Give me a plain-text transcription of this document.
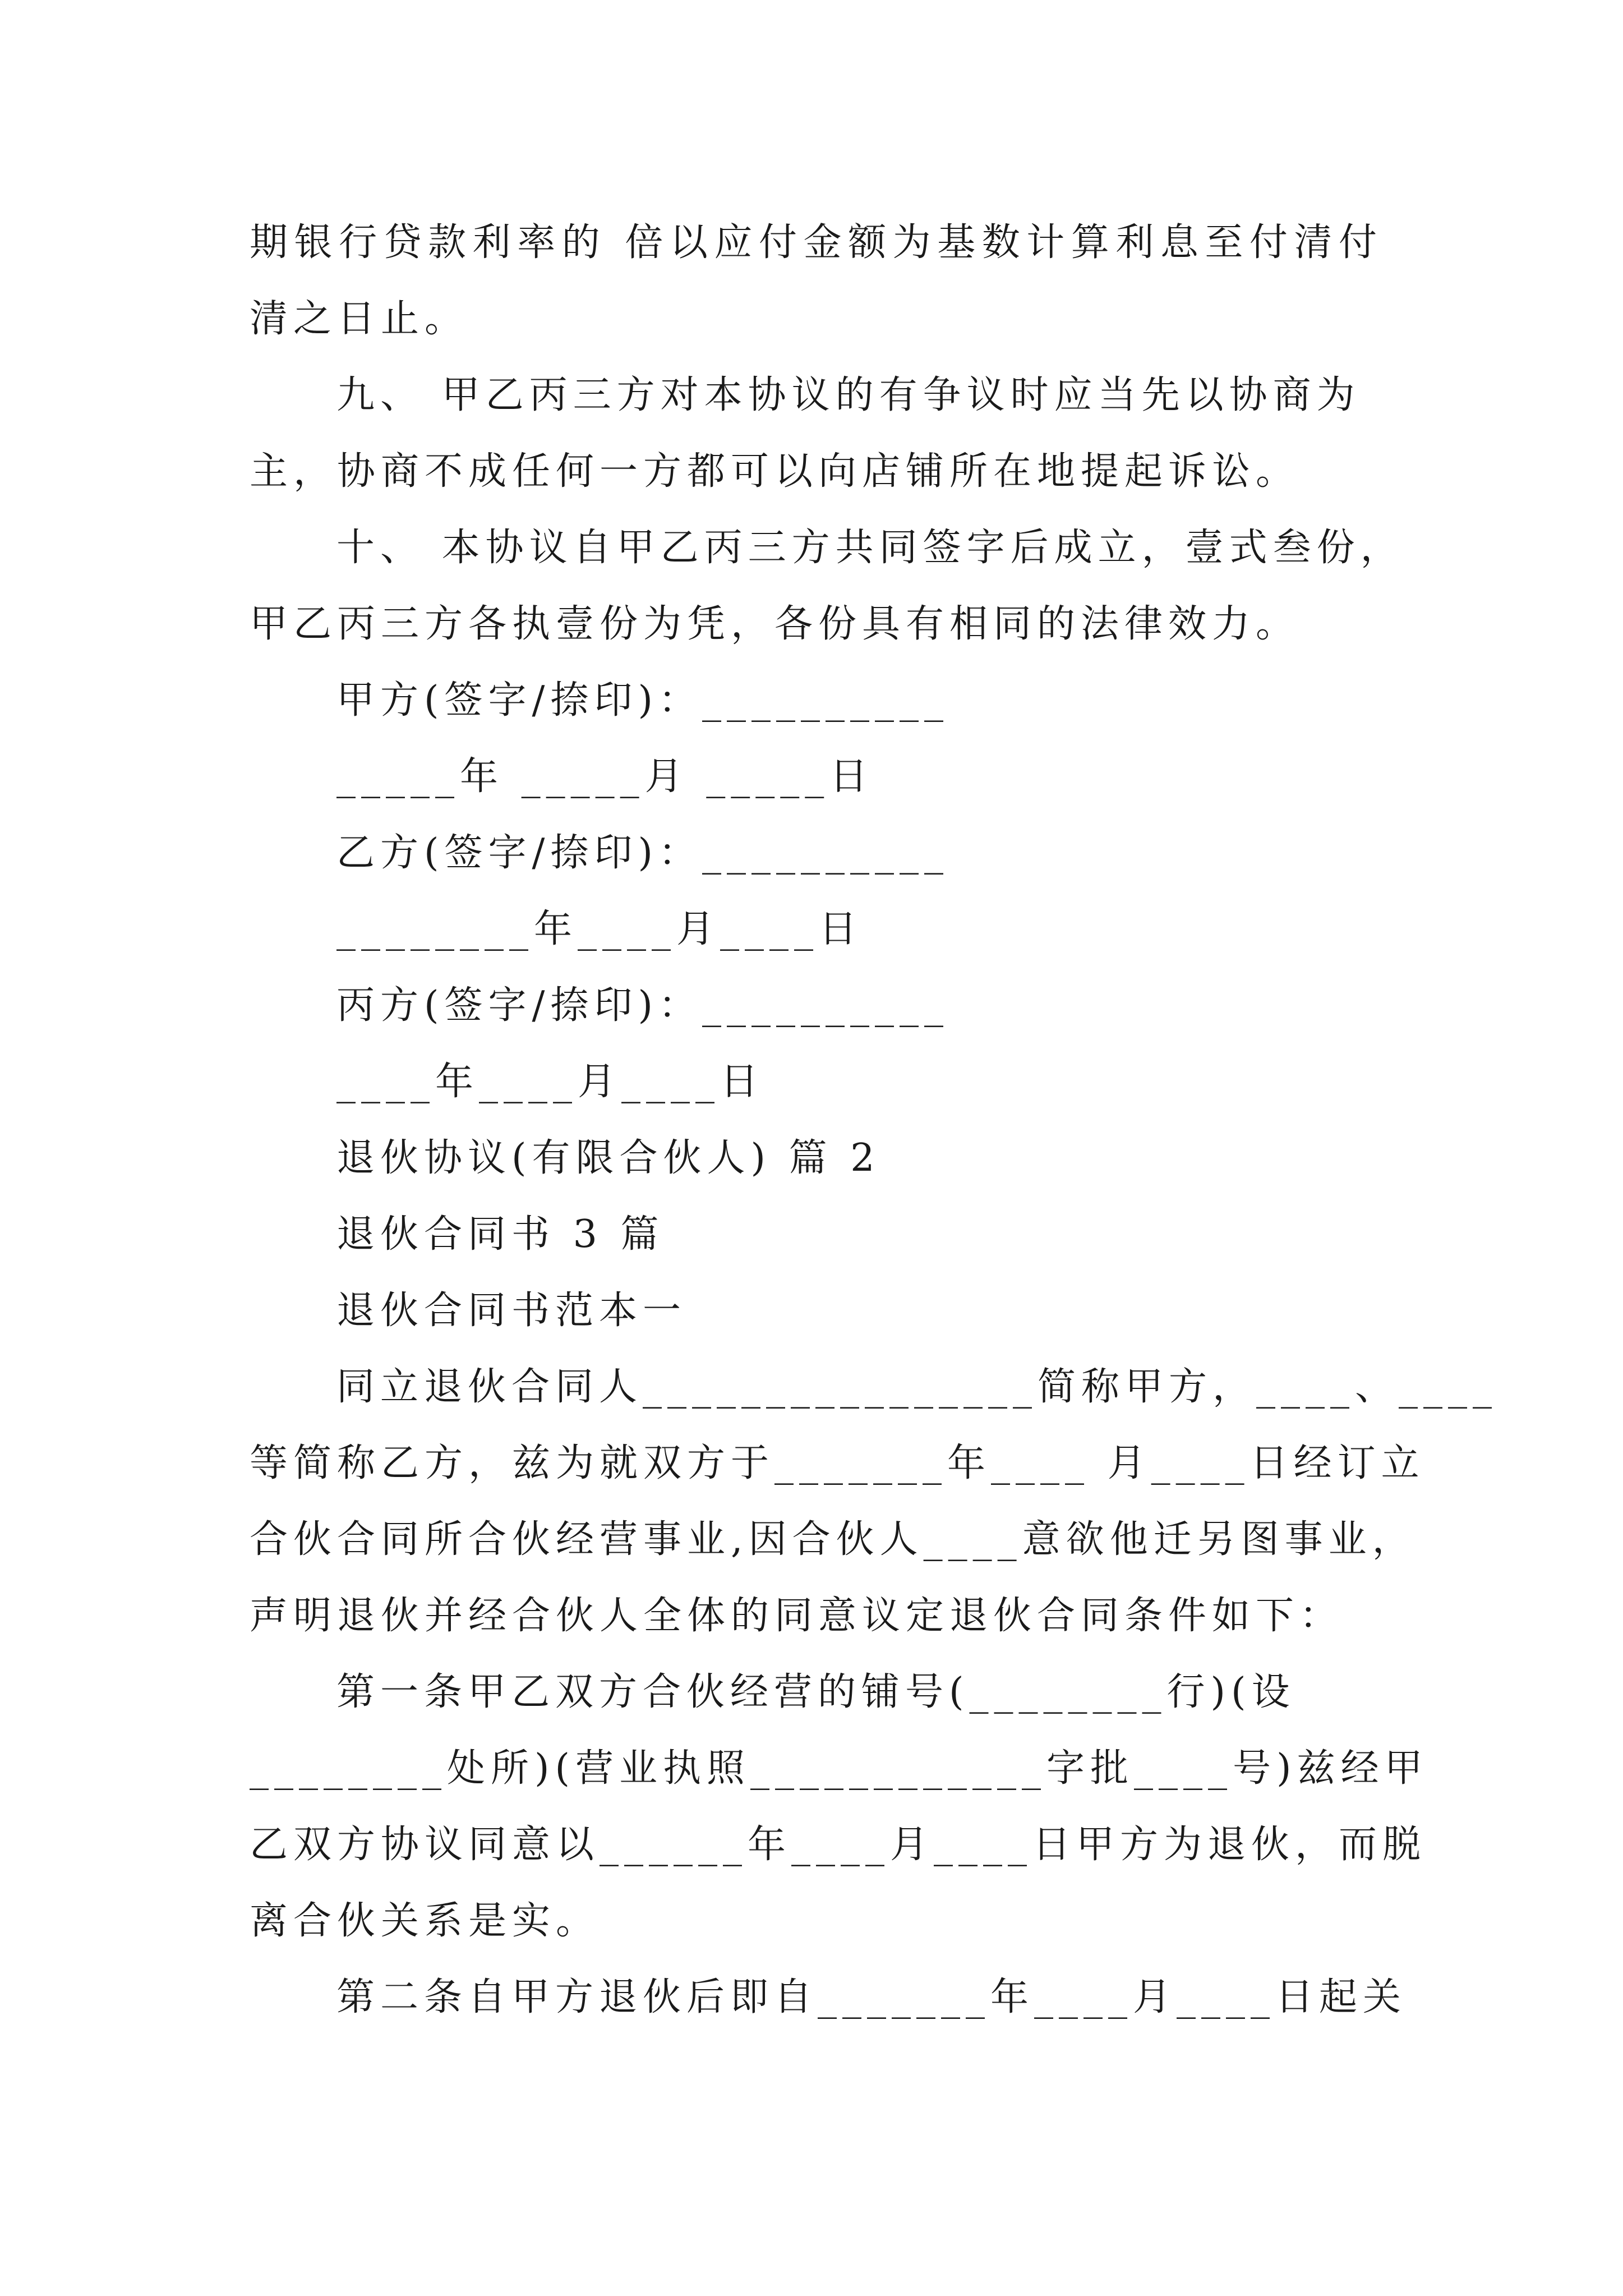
期银行贷款利率的 倍以应付金额为基数计算利息至付清付
清之日止。
九、 甲乙丙三方对本协议的有争议时应当先以协商为
主，协商不成任何一方都可以向店铺所在地提起诉讼。
十、 本协议自甲乙丙三方共同签字后成立，壹式叁份，
甲乙丙三方各执壹份为凭，各份具有相同的法律效力。
甲方(签字/捺印)：__________
_____年 _____月 _____日
乙方(签字/捺印)：__________
________年____月____日
丙方(签字/捺印)：__________
____年____月____日
退伙协议(有限合伙人) 篇 2
退伙合同书 3 篇
退伙合同书范本一
同立退伙合同人________________简称甲方，____、____
等简称乙方，兹为就双方于_______年____ 月____日经订立
合伙合同所合伙经营事业,因合伙人____意欲他迁另图事业，
声明退伙并经合伙人全体的同意议定退伙合同条件如下：
第一条甲乙双方合伙经营的铺号(________行)(设
________处所)(营业执照____________字批____号)兹经甲
乙双方协议同意以______年____月____日甲方为退伙，而脱
离合伙关系是实。
第二条自甲方退伙后即自_______年____月____日起关
